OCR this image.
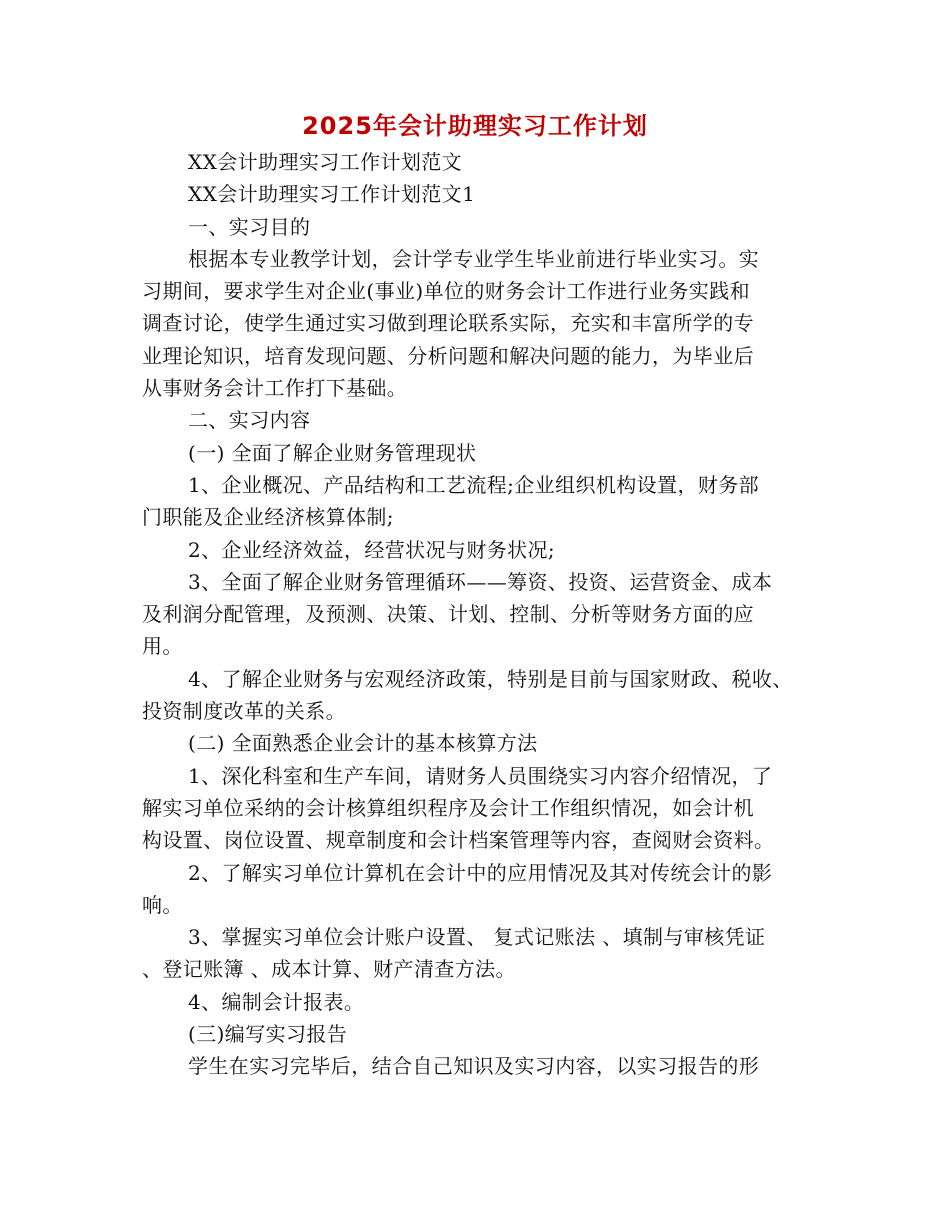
2025年会计助理实习工作计划
XX会计助理实习工作计划范文
XX会计助理实习工作计划范文1
一、实习目的
根据本专业教学计划，会计学专业学生毕业前进行毕业实习。实
习期间，要求学生对企业(事业)单位的财务会计工作进行业务实践和
调查讨论，使学生通过实习做到理论联系实际，充实和丰富所学的专
业理论知识，培育发现问题、分析问题和解决问题的能力，为毕业后
从事财务会计工作打下基础。
二、实习内容
(一) 全面了解企业财务管理现状
1、企业概况、产品结构和工艺流程;企业组织机构设置，财务部
门职能及企业经济核算体制;
2、企业经济效益，经营状况与财务状况;
3、全面了解企业财务管理循环——筹资、投资、运营资金、成本
及利润分配管理，及预测、决策、计划、控制、分析等财务方面的应
用。
4、了解企业财务与宏观经济政策，特别是目前与国家财政、税收、
投资制度改革的关系。
(二) 全面熟悉企业会计的基本核算方法
1、深化科室和生产车间，请财务人员围绕实习内容介绍情况，了
解实习单位采纳的会计核算组织程序及会计工作组织情况，如会计机
构设置、岗位设置、规章制度和会计档案管理等内容，查阅财会资料。
2、了解实习单位计算机在会计中的应用情况及其对传统会计的影
响。
3、掌握实习单位会计账户设置、 复式记账法 、填制与审核凭证
、登记账簿 、成本计算、财产清查方法。
4、编制会计报表。
(三)编写实习报告
学生在实习完毕后，结合自己知识及实习内容，以实习报告的形
